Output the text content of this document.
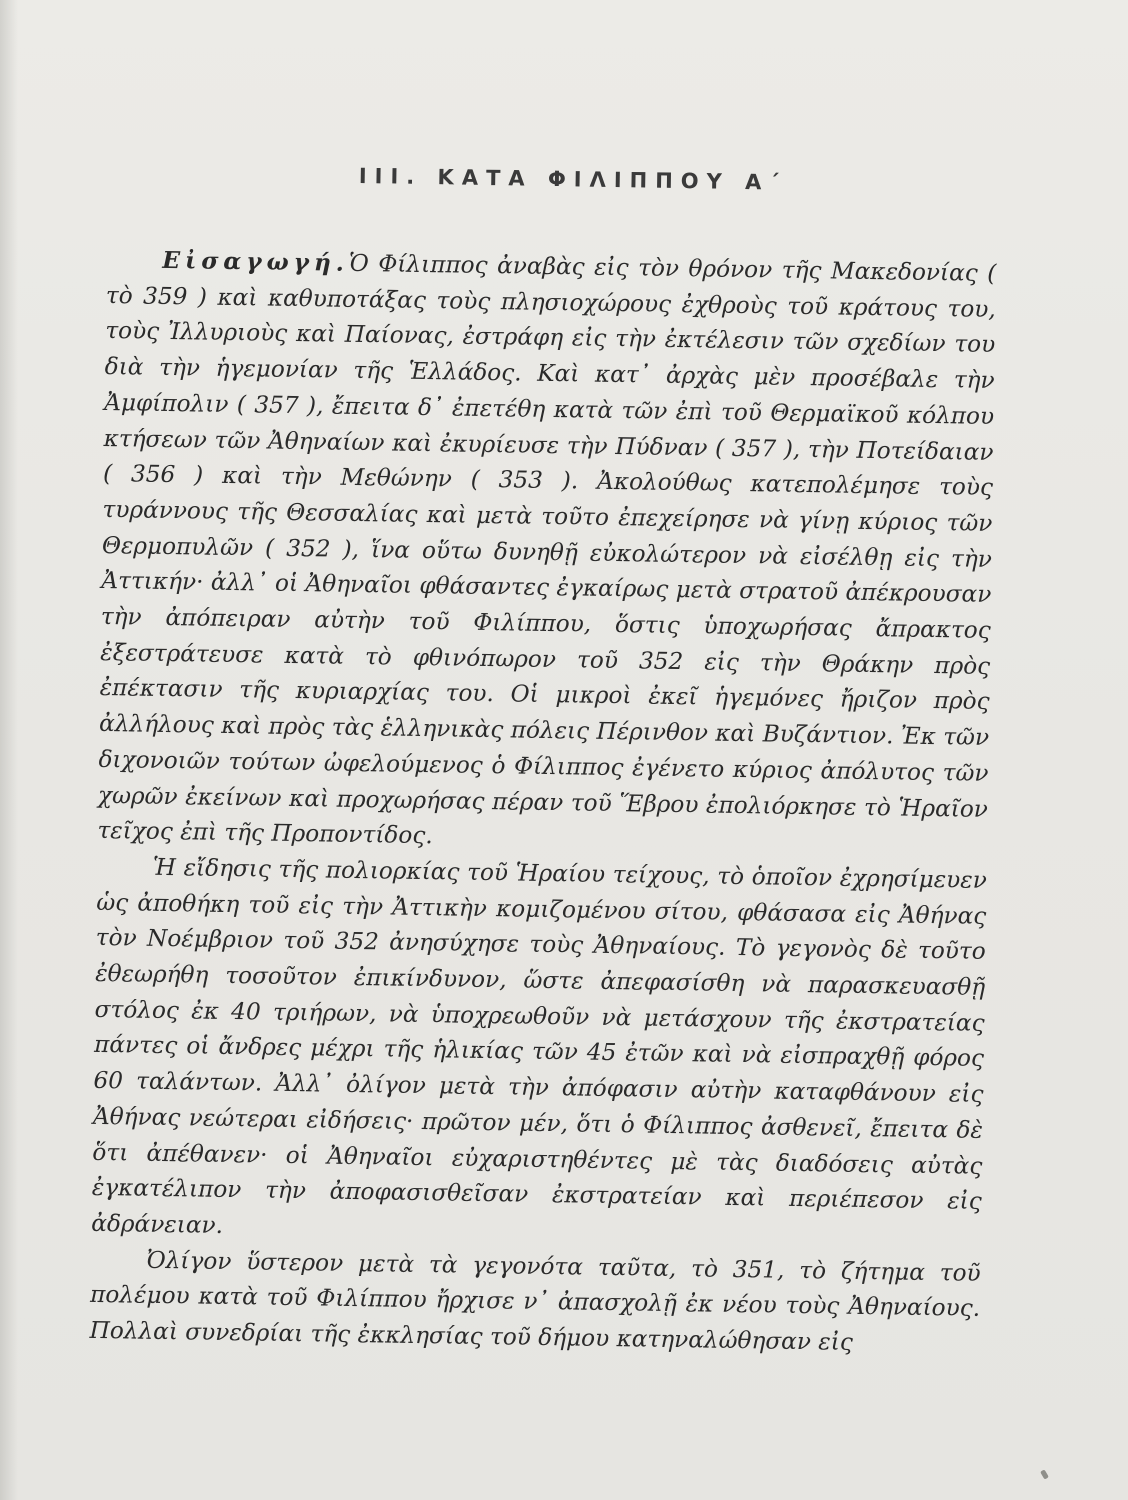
III. ΚΑΤΑ ΦΙΛΙΠΠΟΥ Α΄

Εἰσαγωγή.Ὁ Φίλιππος ἀναβὰς εἰς τὸν θρόνον τῆς Μακεδονίας ( τὸ 359 ) καὶ καθυποτάξας τοὺς πλησιοχώρους ἐχθροὺς τοῦ κράτους του, τοὺς Ἰλλυριοὺς καὶ Παίονας, ἐστράφη εἰς τὴν ἐκτέλεσιν τῶν σχεδίων του διὰ τὴν ἡγεμονίαν τῆς Ἑλλάδος. Καὶ κατ᾽ ἀρχὰς μὲν προσέβαλε τὴν Ἀμφίπολιν ( 357 ), ἔπειτα δ᾽ ἐπετέθη κατὰ τῶν ἐπὶ τοῦ Θερμαϊκοῦ κόλπου κτήσεων τῶν Ἀθηναίων καὶ ἐκυρίευσε τὴν Πύδναν ( 357 ), τὴν Ποτείδαιαν ( 356 ) καὶ τὴν Μεθώνην ( 353 ). Ἀκολούθως κατεπολέμησε τοὺς τυράννους τῆς Θεσσαλίας καὶ μετὰ τοῦτο ἐπεχείρησε νὰ γίνῃ κύριος τῶν Θερμοπυλῶν ( 352 ), ἵνα οὕτω δυνηθῇ εὐκολώτερον νὰ εἰσέλθῃ εἰς τὴν Ἀττικήν· ἀλλ᾽ οἱ Ἀθηναῖοι φθάσαντες ἐγκαίρως μετὰ στρατοῦ ἀπέκρουσαν τὴν ἀπόπειραν αὐτὴν τοῦ Φιλίππου, ὅστις ὑποχωρήσας ἄπρακτος ἐξεστράτευσε κατὰ τὸ φθινόπωρον τοῦ 352 εἰς τὴν Θράκην πρὸς ἐπέκτασιν τῆς κυριαρχίας του. Οἱ μικροὶ ἐκεῖ ἡγεμόνες ἤριζον πρὸς ἀλλήλους καὶ πρὸς τὰς ἑλληνικὰς πόλεις Πέρινθον καὶ Βυζάντιον. Ἐκ τῶν διχονοιῶν τούτων ὠφελούμενος ὁ Φίλιππος ἐγένετο κύριος ἀπόλυτος τῶν χωρῶν ἐκείνων καὶ προχωρήσας πέραν τοῦ Ἕβρου ἐπολιόρκησε τὸ Ἡραῖον τεῖχος ἐπὶ τῆς Προποντίδος.

Ἡ εἴδησις τῆς πολιορκίας τοῦ Ἡραίου τείχους, τὸ ὁποῖον ἐχρησίμευεν ὡς ἀποθήκη τοῦ εἰς τὴν Ἀττικὴν κομιζομένου σίτου, φθάσασα εἰς Ἀθήνας τὸν Νοέμβριον τοῦ 352 ἀνησύχησε τοὺς Ἀθηναίους. Τὸ γεγονὸς δὲ τοῦτο ἐθεωρήθη τοσοῦτον ἐπικίνδυνον, ὥστε ἀπεφασίσθη νὰ παρασκευασθῇ στόλος ἐκ 40 τριήρων, νὰ ὑποχρεωθοῦν νὰ μετάσχουν τῆς ἐκστρατείας πάντες οἱ ἄνδρες μέχρι τῆς ἡλικίας τῶν 45 ἐτῶν καὶ νὰ εἰσπραχθῇ φόρος 60 ταλάντων. Ἀλλ᾽ ὀλίγον μετὰ τὴν ἀπόφασιν αὐτὴν καταφθάνουν εἰς Ἀθήνας νεώτεραι εἰδήσεις· πρῶτον μέν, ὅτι ὁ Φίλιππος ἀσθενεῖ, ἔπειτα δὲ ὅτι ἀπέθανεν· οἱ Ἀθηναῖοι εὐχαριστηθέντες μὲ τὰς διαδόσεις αὐτὰς ἐγκατέλιπον τὴν ἀποφασισθεῖσαν ἐκστρατείαν καὶ περιέπεσον εἰς ἀδράνειαν.

Ὀλίγον ὕστερον μετὰ τὰ γεγονότα ταῦτα, τὸ 351, τὸ ζήτημα τοῦ πολέμου κατὰ τοῦ Φιλίππου ἤρχισε ν᾽ ἀπασχολῇ ἐκ νέου τοὺς Ἀθηναίους. Πολλαὶ συνεδρίαι τῆς ἐκκλησίας τοῦ δήμου κατηναλώθησαν εἰς
